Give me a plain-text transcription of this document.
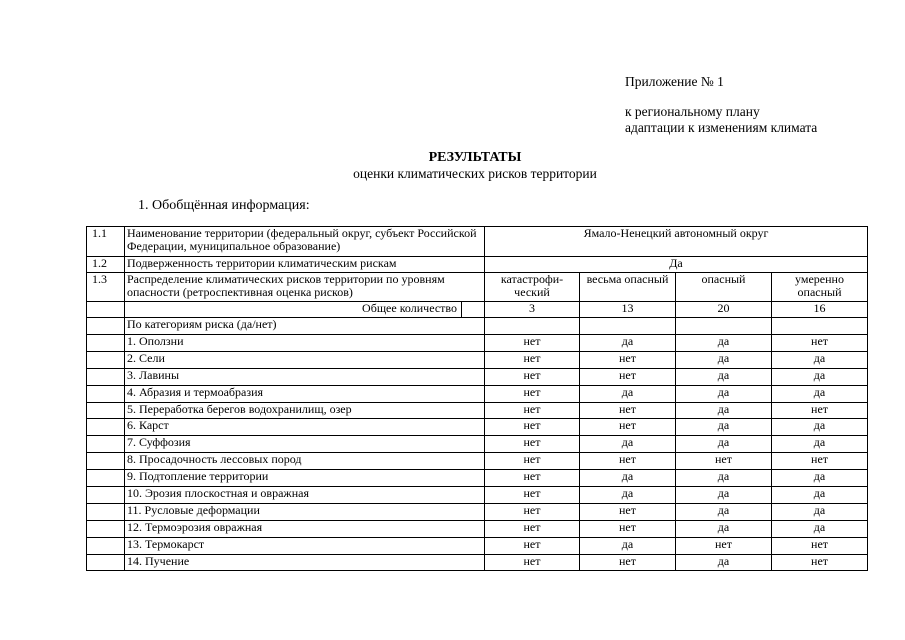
Приложение № 1
к региональному плану
адаптации к изменениям климата
РЕЗУЛЬТАТЫ
оценки климатических рисков территории
1. Обобщённая информация:
1.1	Наименование территории (федеральный округ, субъект Российской Федерации, муниципальное образование)	Ямало-Ненецкий автономный округ			
1.2	Подверженность территории климатическим рискам	Да			
1.3	Распределение климатических рисков территории по уровням опасности (ретроспективная оценка рисков)	катастрофи-ческий	весьма опасный	опасный	умеренно опасный

	Общее количество	3	13	20	16
	По категориям риска (да/нет)				
	1. Оползни	нет	да	да	нет
	2. Сели	нет	нет	да	да
	3. Лавины	нет	нет	да	да
	4. Абразия и термоабразия	нет	да	да	да
	5. Переработка берегов водохранилищ, озер	нет	нет	да	нет
	6. Карст	нет	нет	да	да
	7. Суффозия	нет	да	да	да
	8. Просадочность лессовых пород	нет	нет	нет	нет
	9. Подтопление территории	нет	да	да	да
	10. Эрозия плоскостная и овражная	нет	да	да	да
	11. Русловые деформации	нет	нет	да	да
	12. Термоэрозия овражная	нет	нет	да	да
	13. Термокарст	нет	да	нет	нет
	14. Пучение	нет	нет	да	нет
